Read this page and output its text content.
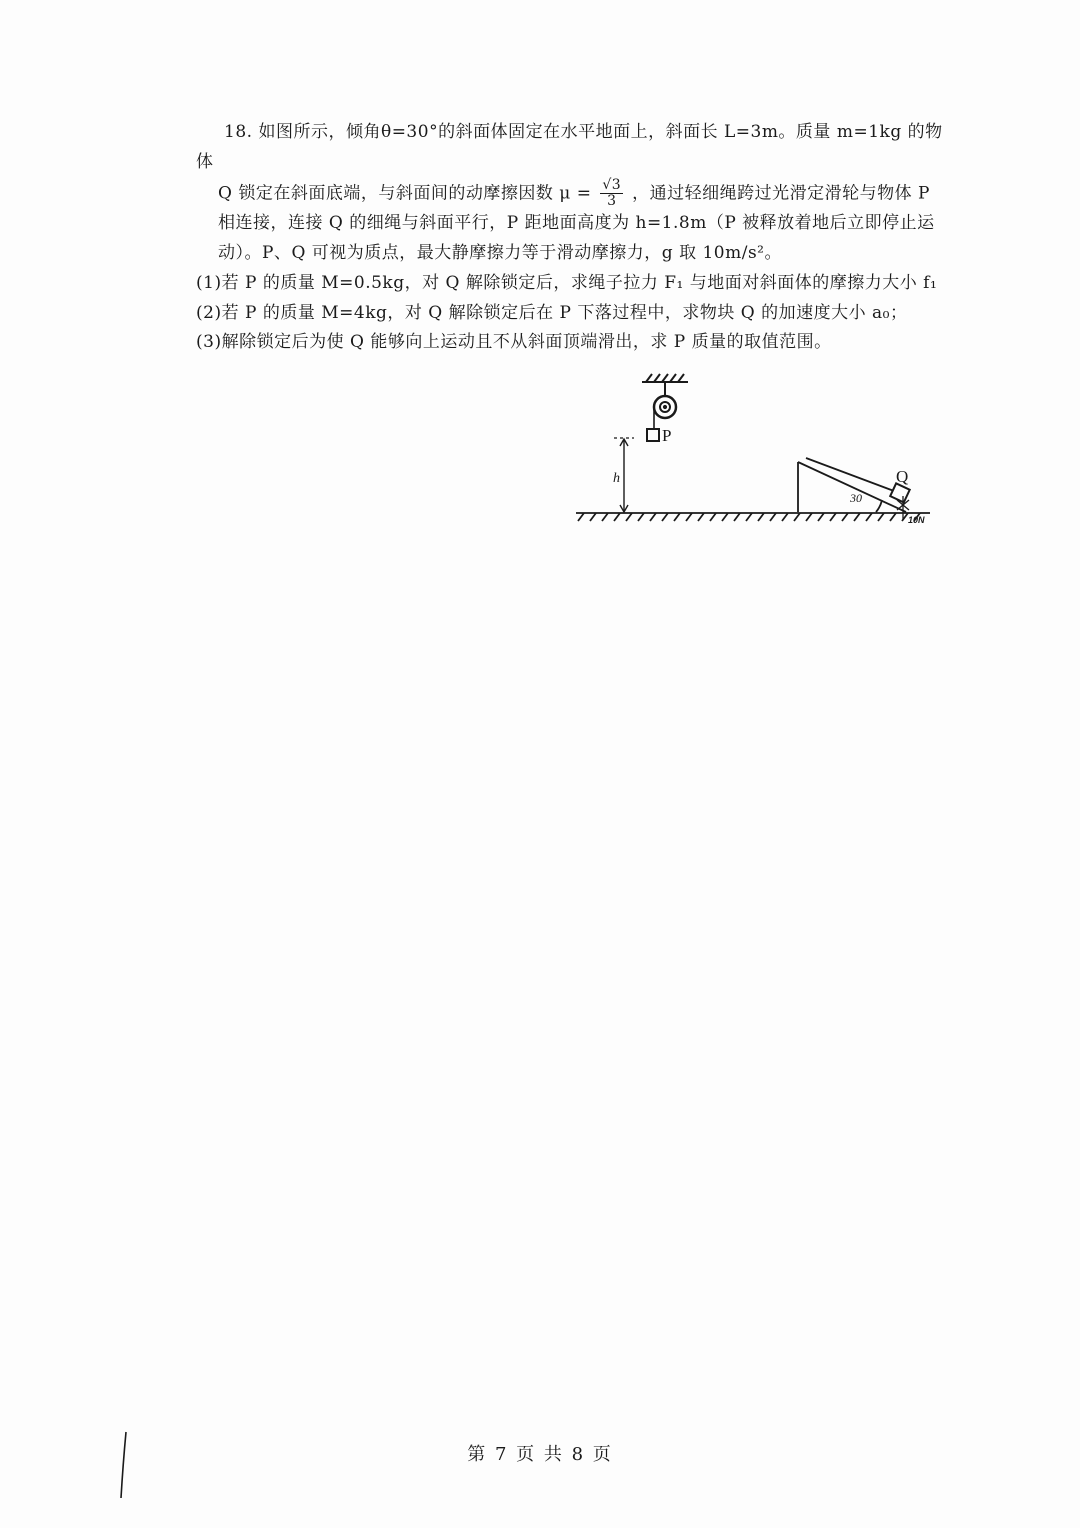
18. 如图所示，倾角θ=30°的斜面体固定在水平地面上，斜面长 L=3m。质量 m=1kg 的物体

Q 锁定在斜面底端，与斜面间的动摩擦因数 $\mu = \frac{√3}{3}$ ，通过轻细绳跨过光滑定滑轮与物体 P

相连接，连接 Q 的细绳与斜面平行，P 距地面高度为 h=1.8m（P 被释放着地后立即停止运

动）。P、Q 可视为质点，最大静摩擦力等于滑动摩擦力，g 取 10m/s²。

(1)若 P 的质量 M=0.5kg，对 Q 解除锁定后，求绳子拉力 F₁ 与地面对斜面体的摩擦力大小 f₁

(2)若 P 的质量 M=4kg，对 Q 解除锁定后在 P 下落过程中，求物块 Q 的加速度大小 a₀；

(3)解除锁定后为使 Q 能够向上运动且不从斜面顶端滑出，求 P 质量的取值范围。

P
h
30
Q
10N
第 7 页 共 8 页
